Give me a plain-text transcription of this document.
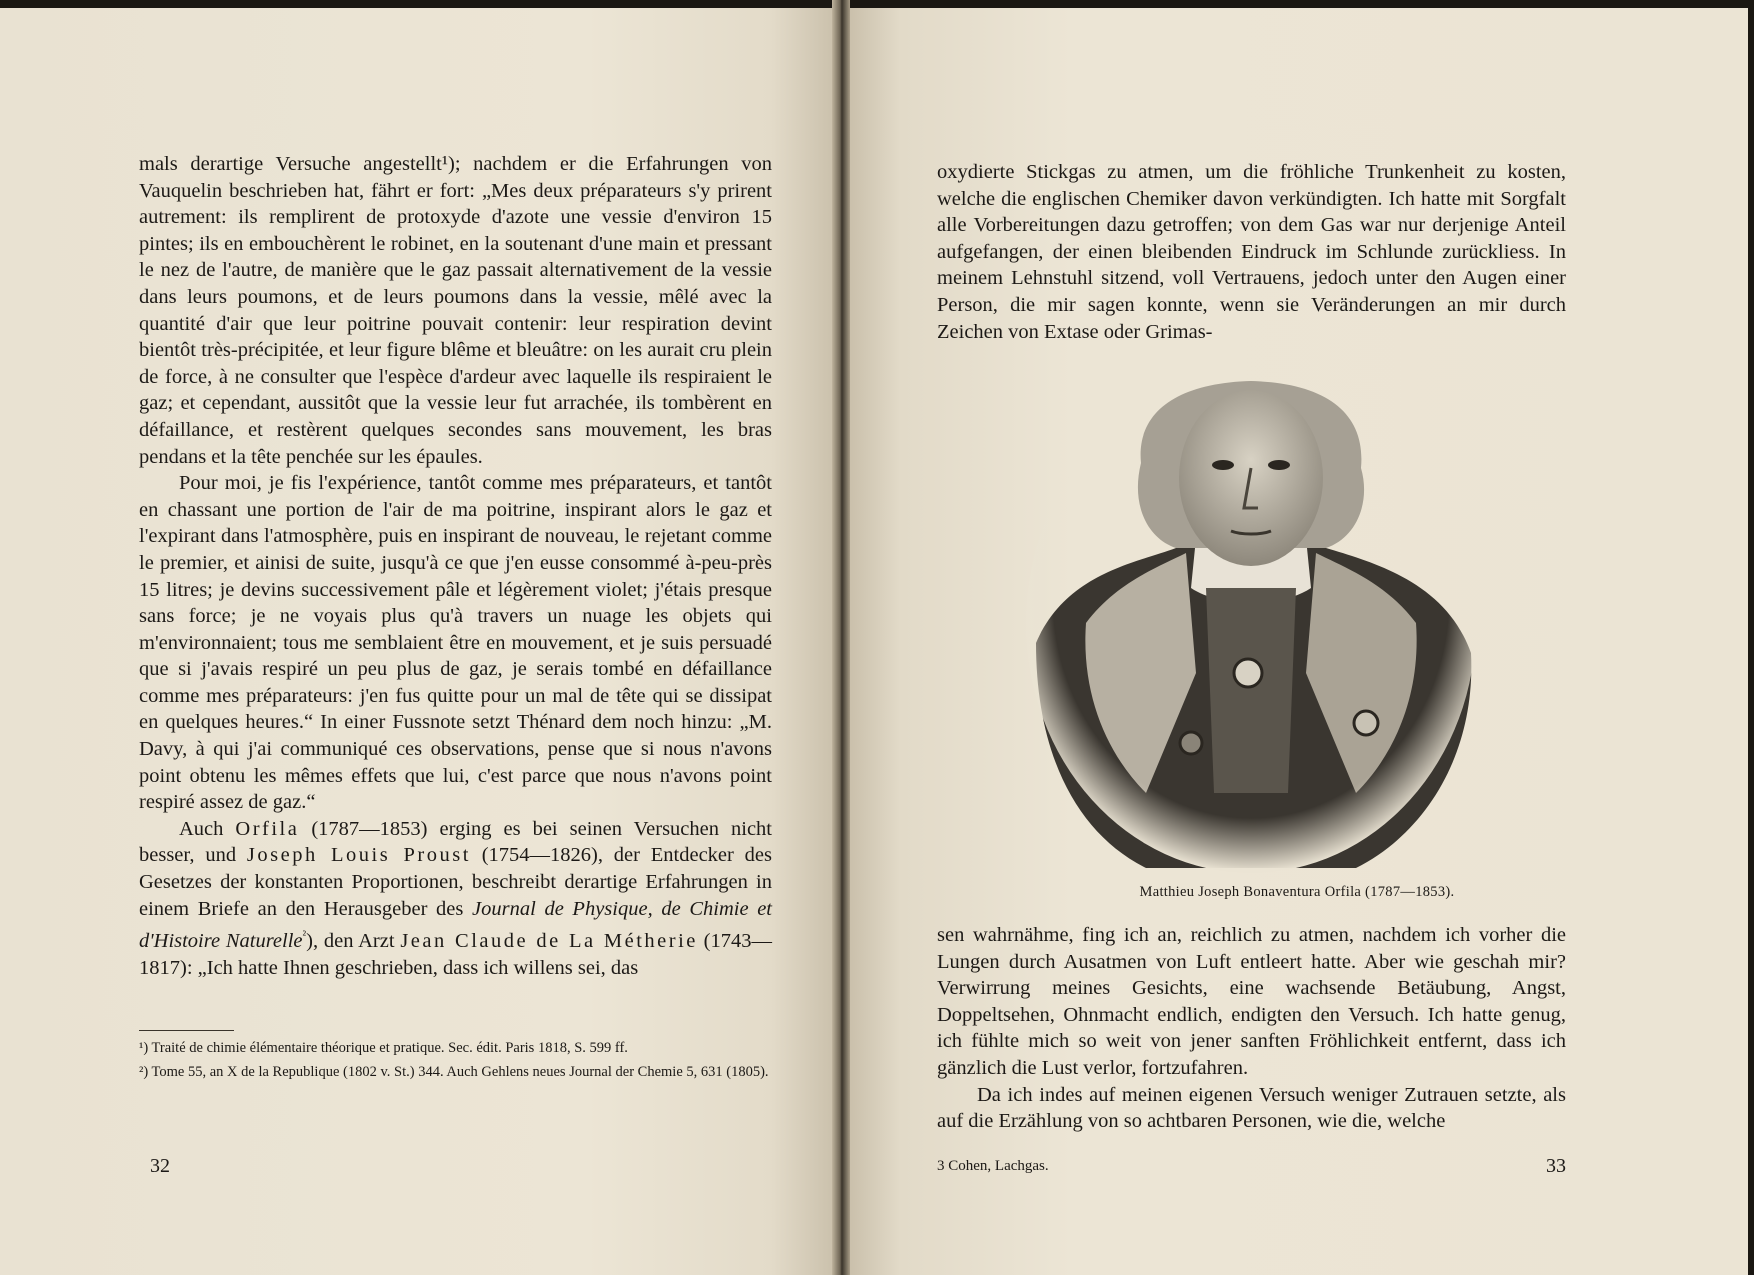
mals derartige Versuche angestellt¹); nachdem er die Erfahrungen von Vauquelin beschrieben hat, fährt er fort: „Mes deux préparateurs s'y prirent autrement: ils remplirent de protoxyde d'azote une vessie d'environ 15 pintes; ils en embouchèrent le robinet, en la soutenant d'une main et pressant le nez de l'autre, de manière que le gaz passait alternativement de la vessie dans leurs poumons, et de leurs poumons dans la vessie, mêlé avec la quantité d'air que leur poitrine pouvait contenir: leur respiration devint bientôt très-précipitée, et leur figure blême et bleuâtre: on les aurait cru plein de force, à ne consulter que l'espèce d'ardeur avec laquelle ils respiraient le gaz; et cependant, aussitôt que la vessie leur fut arrachée, ils tombèrent en défaillance, et restèrent quelques secondes sans mouvement, les bras pendans et la tête penchée sur les épaules.

Pour moi, je fis l'expérience, tantôt comme mes préparateurs, et tantôt en chassant une portion de l'air de ma poitrine, inspirant alors le gaz et l'expirant dans l'atmosphère, puis en inspirant de nouveau, le rejetant comme le premier, et ainisi de suite, jusqu'à ce que j'en eusse consommé à-peu-près 15 litres; je devins successivement pâle et légèrement violet; j'étais presque sans force; je ne voyais plus qu'à travers un nuage les objets qui m'environnaient; tous me semblaient être en mouvement, et je suis persuadé que si j'avais respiré un peu plus de gaz, je serais tombé en défaillance comme mes préparateurs: j'en fus quitte pour un mal de tête qui se dissipat en quelques heures.“ In einer Fussnote setzt Thénard dem noch hinzu: „M. Davy, à qui j'ai communiqué ces observations, pense que si nous n'avons point obtenu les mêmes effets que lui, c'est parce que nous n'avons point respiré assez de gaz.“

Auch Orfila (1787—1853) erging es bei seinen Versuchen nicht besser, und Joseph Louis Proust (1754—1826), der Entdecker des Gesetzes der konstanten Proportionen, beschreibt derartige Erfahrungen in einem Briefe an den Herausgeber des Journal de Physique, de Chimie et d'Histoire Naturelle$^{^2}$), den Arzt Jean Claude de La Métherie (1743—1817): „Ich hatte Ihnen geschrieben, dass ich willens sei, das

¹) Traité de chimie élémentaire théorique et pratique. Sec. édit. Paris 1818, S. 599 ff.

²) Tome 55, an X de la Republique (1802 v. St.) 344. Auch Gehlens neues Journal der Chemie 5, 631 (1805).

32

oxydierte Stickgas zu atmen, um die fröhliche Trunkenheit zu kosten, welche die englischen Chemiker davon verkündigten. Ich hatte mit Sorgfalt alle Vorbereitungen dazu getroffen; von dem Gas war nur derjenige Anteil aufgefangen, der einen bleibenden Eindruck im Schlunde zurückliess. In meinem Lehnstuhl sitzend, voll Vertrauens, jedoch unter den Augen einer Person, die mir sagen konnte, wenn sie Veränderungen an mir durch Zeichen von Extase oder Grimas-

Matthieu Joseph Bonaventura Orfila (1787—1853).

sen wahrnähme, fing ich an, reichlich zu atmen, nachdem ich vorher die Lungen durch Ausatmen von Luft entleert hatte. Aber wie geschah mir? Verwirrung meines Gesichts, eine wachsende Betäubung, Angst, Doppeltsehen, Ohnmacht endlich, endigten den Versuch. Ich hatte genug, ich fühlte mich so weit von jener sanften Fröhlichkeit entfernt, dass ich gänzlich die Lust verlor, fortzufahren.

Da ich indes auf meinen eigenen Versuch weniger Zutrauen setzte, als auf die Erzählung von so achtbaren Personen, wie die, welche

3 Cohen, Lachgas.	33
